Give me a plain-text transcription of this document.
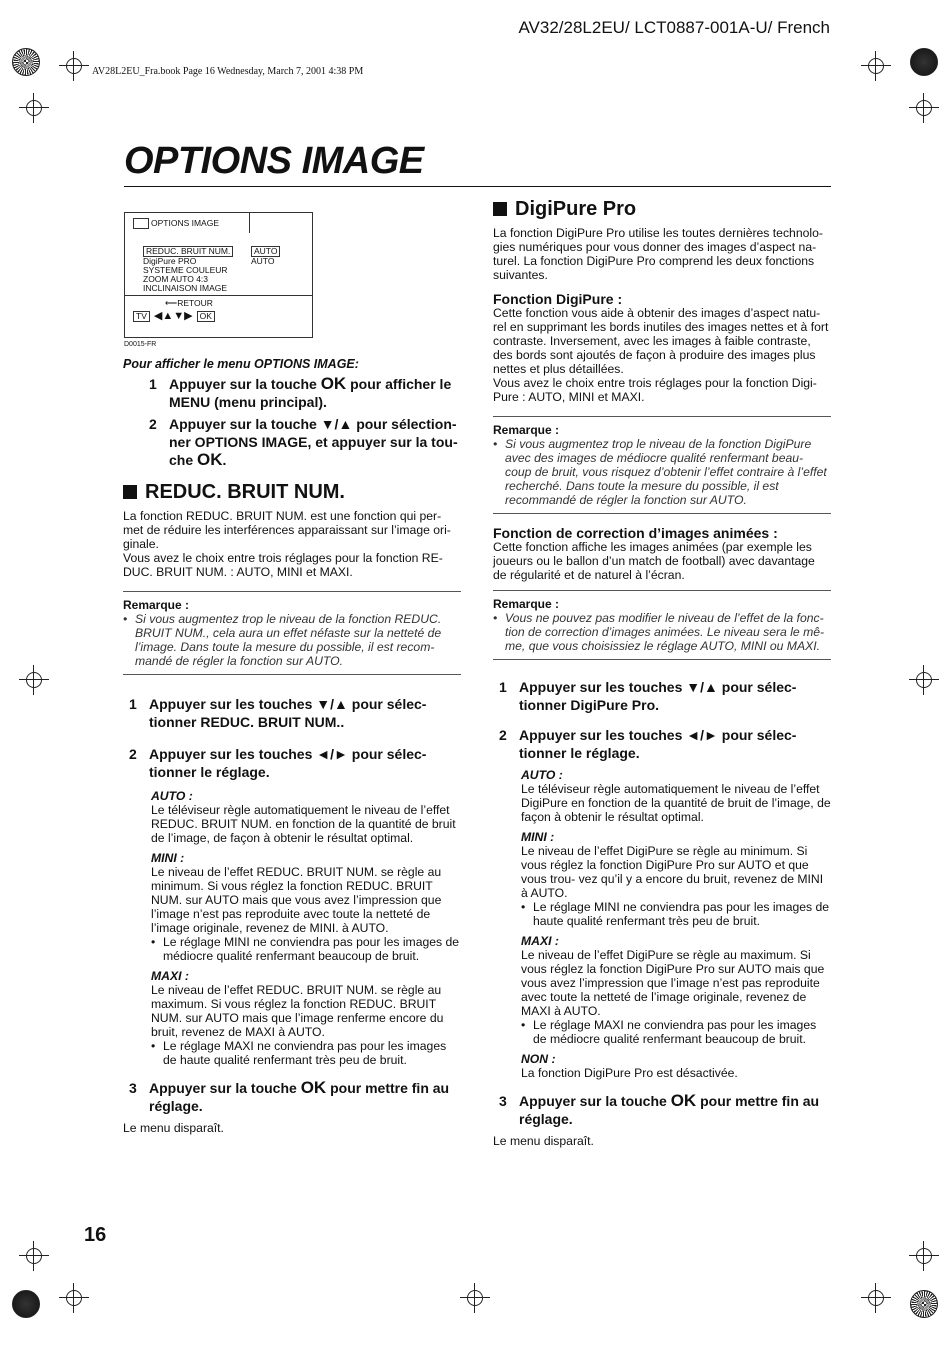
AV32/28L2EU/ LCT0887-001A-U/ French
AV28L2EU_Fra.book Page 16 Wednesday, March 7, 2001 4:38 PM
OPTIONS IMAGE
OPTIONS IMAGE
REDUC. BRUIT NUM.
DigiPure PRO
SYSTEME COULEUR
ZOOM AUTO 4:3
INCLINAISON IMAGE
AUTO
AUTO
⟵RETOUR
TV ◀▲▼▶ OK
D0015-FR

Pour afficher le menu OPTIONS IMAGE:

1 Appuyer sur la touche OK pour afficher le MENU (menu principal).
2 Appuyer sur la touche ▼/▲ pour sélection- ner OPTIONS IMAGE, et appuyer sur la tou- che OK.
REDUC. BRUIT NUM.

La fonction REDUC. BRUIT NUM. est une fonction qui per- met de réduire les interférences apparaissant sur l’image ori- ginale.

Vous avez le choix entre trois réglages pour la fonction RE- DUC. BRUIT NUM. : AUTO, MINI et MAXI.

Remarque :

• Si vous augmentez trop le niveau de la fonction REDUC. BRUIT NUM., cela aura un effet néfaste sur la netteté de l’image. Dans toute la mesure du possible, il est recom- mandé de régler la fonction sur AUTO.
1 Appuyer sur les touches ▼/▲ pour sélec- tionner REDUC. BRUIT NUM..
2 Appuyer sur les touches ◄/► pour sélec- tionner le réglage.

AUTO :

Le téléviseur règle automatiquement le niveau de l’effet REDUC. BRUIT NUM. en fonction de la quantité de bruit de l’image, de façon à obtenir le résultat optimal.

MINI :

Le niveau de l’effet REDUC. BRUIT NUM. se règle au minimum. Si vous réglez la fonction REDUC. BRUIT NUM. sur AUTO mais que vous avez l’impression que l’image n’est pas reproduite avec toute la netteté de l’image originale, revenez de MINI. à AUTO.

• Le réglage MINI ne conviendra pas pour les images de médiocre qualité renfermant beaucoup de bruit.

MAXI :

Le niveau de l’effet REDUC. BRUIT NUM. se règle au maximum. Si vous réglez la fonction REDUC. BRUIT NUM. sur AUTO mais que l’image renferme encore du bruit, revenez de MAXI à AUTO.

• Le réglage MAXI ne conviendra pas pour les images de haute qualité renfermant très peu de bruit.
3 Appuyer sur la touche OK pour mettre fin au réglage.

Le menu disparaît.

DigiPure Pro

La fonction DigiPure Pro utilise les toutes dernières technolo- gies numériques pour vous donner des images d’aspect na- turel. La fonction DigiPure Pro comprend les deux fonctions suivantes.

Fonction DigiPure :

Cette fonction vous aide à obtenir des images d’aspect natu- rel en supprimant les bords inutiles des images nettes et à fort contraste. Inversement, avec les images à faible contraste, des bords sont ajoutés de façon à produire des images plus nettes et plus détaillées.

Vous avez le choix entre trois réglages pour la fonction Digi- Pure : AUTO, MINI et MAXI.

Remarque :

• Si vous augmentez trop le niveau de la fonction DigiPure avec des images de médiocre qualité renfermant beau- coup de bruit, vous risquez d’obtenir l’effet contraire à l’effet recherché. Dans toute la mesure du possible, il est recommandé de régler la fonction sur AUTO.

Fonction de correction d’images animées :

Cette fonction affiche les images animées (par exemple les joueurs ou le ballon d’un match de football) avec davantage de régularité et de naturel à l’écran.

Remarque :

• Vous ne pouvez pas modifier le niveau de l’effet de la fonc- tion de correction d’images animées. Le niveau sera le mê- me, que vous choisissiez le réglage AUTO, MINI ou MAXI.
1 Appuyer sur les touches ▼/▲ pour sélec- tionner DigiPure Pro.
2 Appuyer sur les touches ◄/► pour sélec- tionner le réglage.

AUTO :

Le téléviseur règle automatiquement le niveau de l’effet DigiPure en fonction de la quantité de bruit de l’image, de façon à obtenir le résultat optimal.

MINI :

Le niveau de l’effet DigiPure se règle au minimum. Si vous réglez la fonction DigiPure Pro sur AUTO et que vous trou- vez qu’il y a encore du bruit, revenez de MINI à AUTO.

• Le réglage MINI ne conviendra pas pour les images de haute qualité renfermant très peu de bruit.

MAXI :

Le niveau de l’effet DigiPure se règle au maximum. Si vous réglez la fonction DigiPure Pro sur AUTO mais que vous avez l’impression que l’image n’est pas reproduite avec toute la netteté de l’image originale, revenez de MAXI à AUTO.

• Le réglage MAXI ne conviendra pas pour les images de médiocre qualité renfermant beaucoup de bruit.

NON :

La fonction DigiPure Pro est désactivée.

3 Appuyer sur la touche OK pour mettre fin au réglage.

Le menu disparaît.

16
